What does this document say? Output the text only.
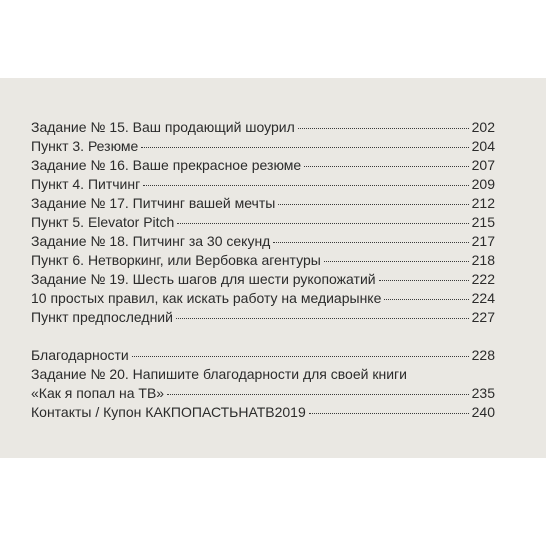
Задание № 15. Ваш продающий шоурил	202
Пункт 3. Резюме	204
Задание № 16. Ваше прекрасное резюме	207
Пункт 4. Питчинг	209
Задание № 17. Питчинг вашей мечты	212
Пункт 5. Elevator Pitch	215
Задание № 18. Питчинг за 30 секунд	217
Пункт 6. Нетворкинг, или Вербовка агентуры	218
Задание № 19. Шесть шагов для шести рукопожатий	222
10 простых правил, как искать работу на медиарынке	224
Пункт предпоследний	227
Благодарности	228
Задание № 20. Напишите благодарности для своей книги
«Как я попал на ТВ»	235
Контакты / Купон КАКПОПАСТЬНАТВ2019	240
